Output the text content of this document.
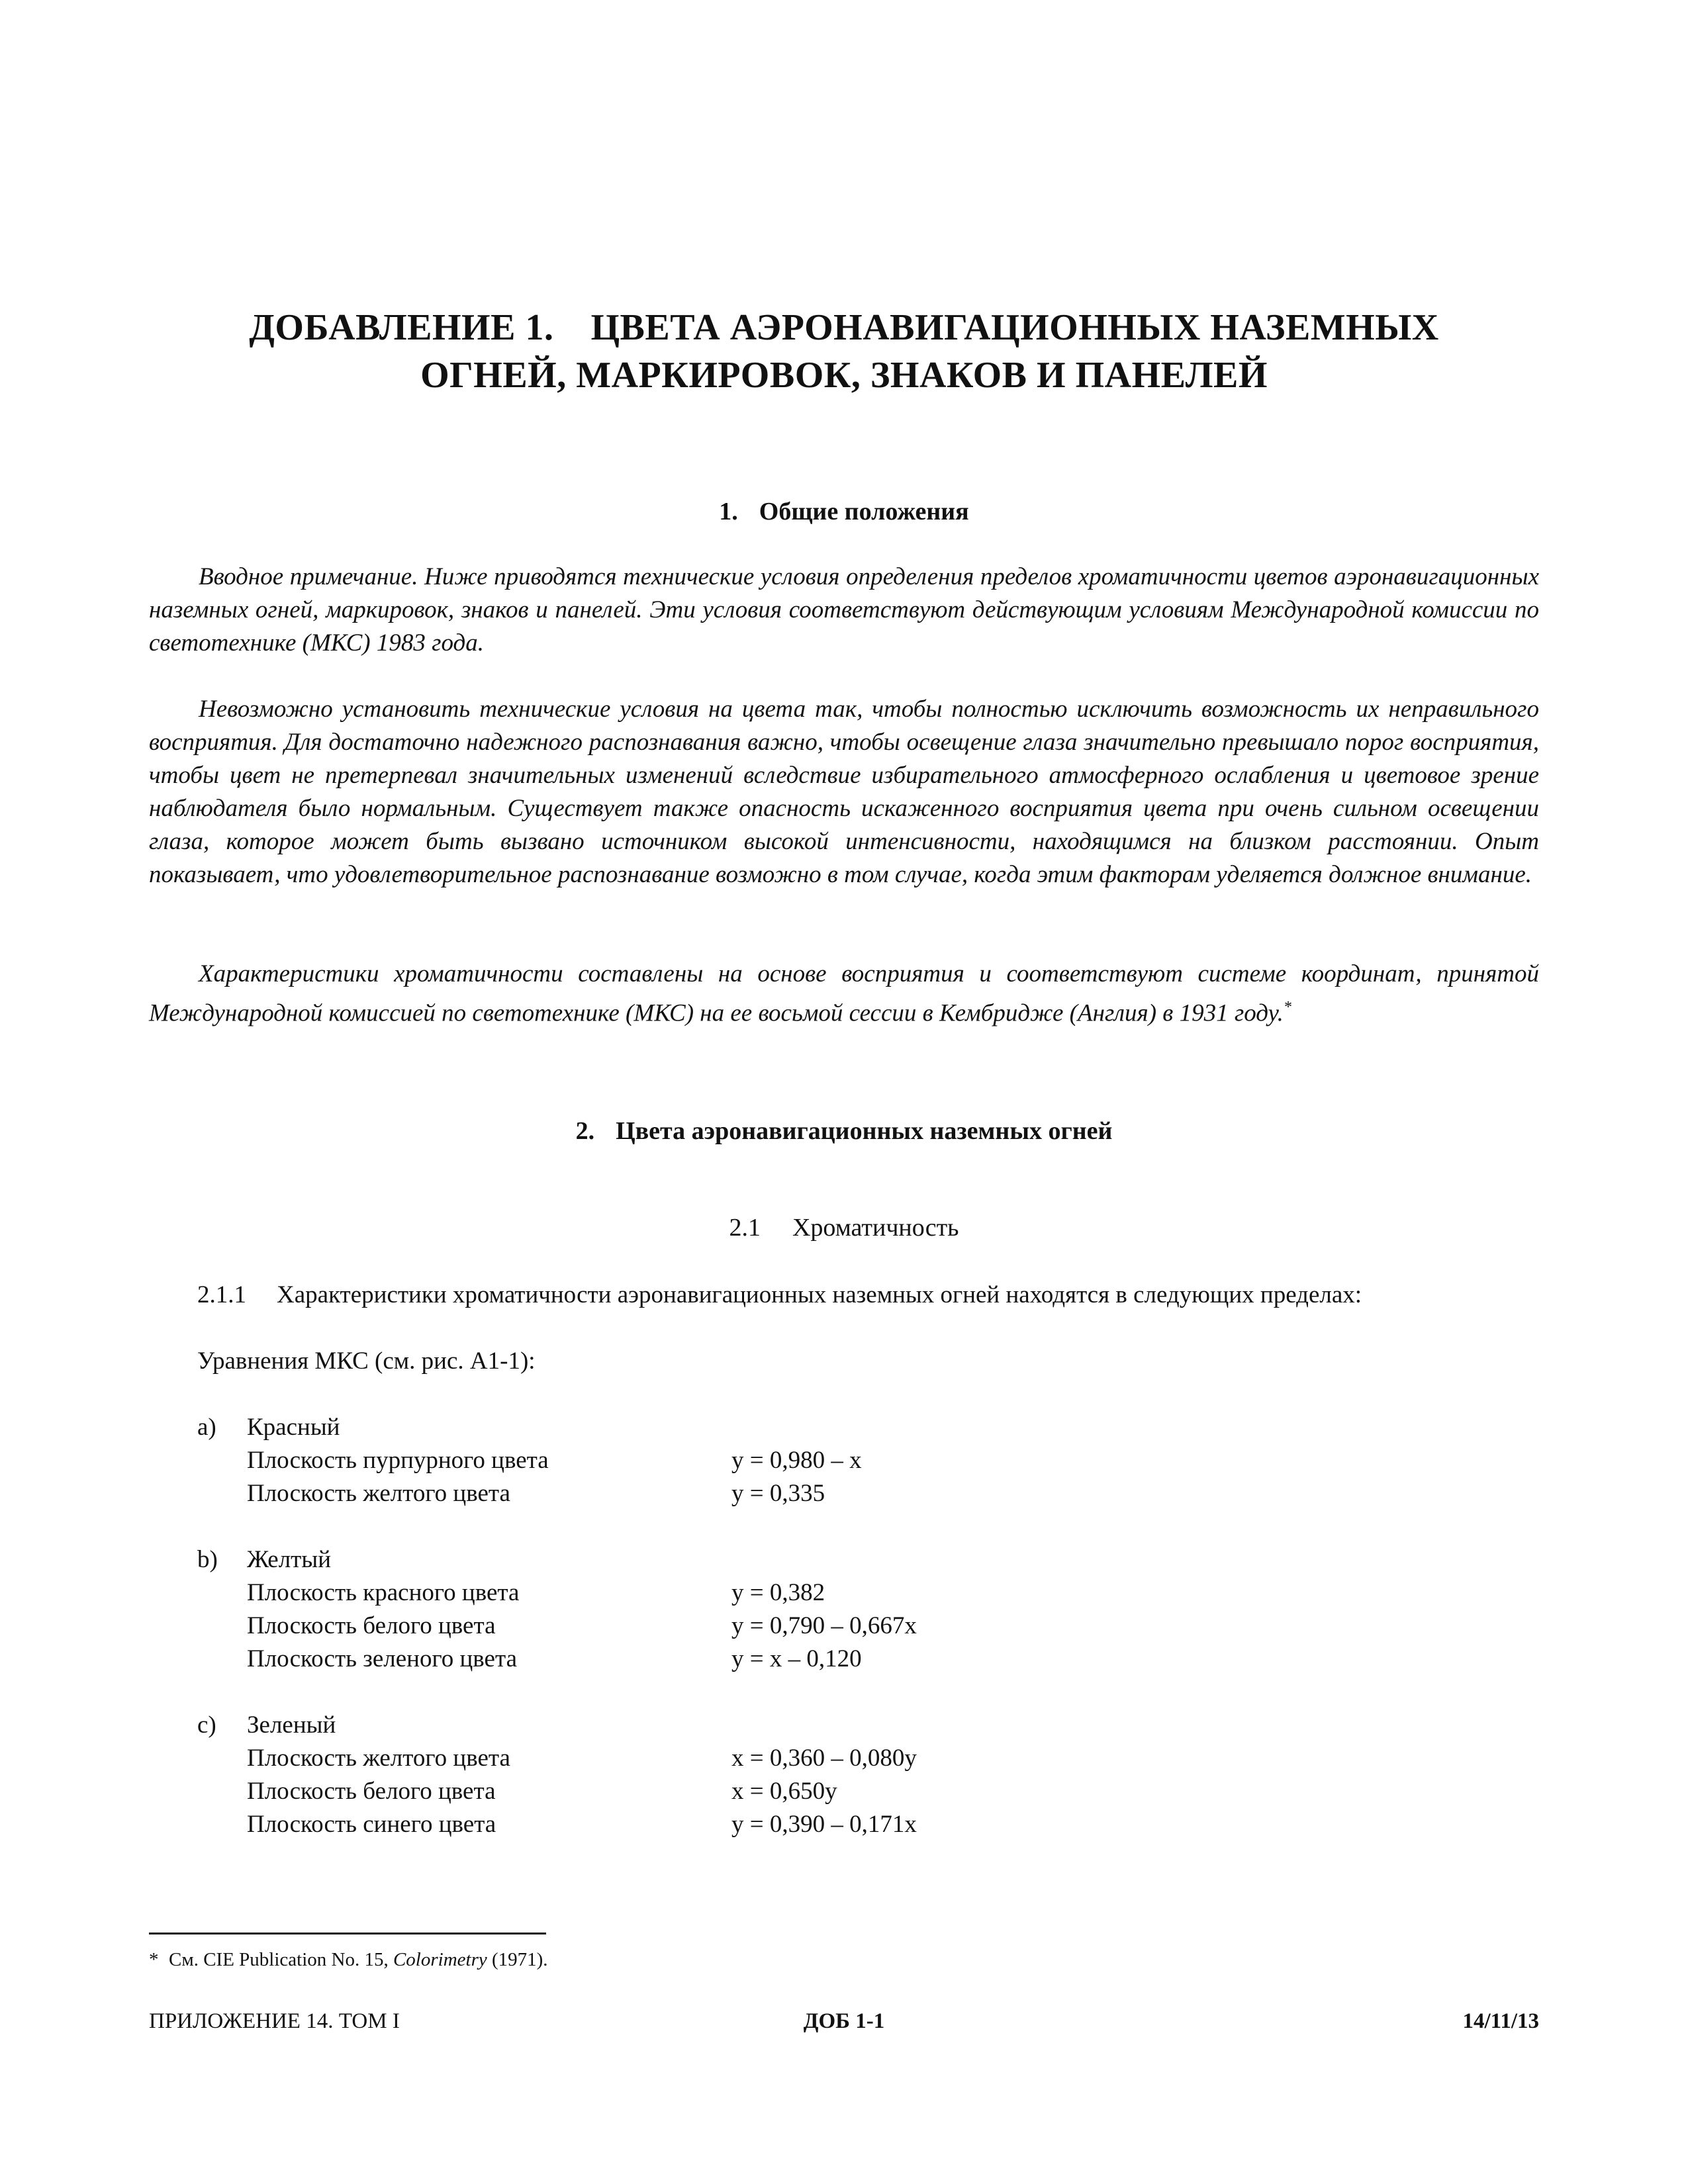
ДОБАВЛЕНИЕ 1. ЦВЕТА АЭРОНАВИГАЦИОННЫХ НАЗЕМНЫХ
ОГНЕЙ, МАРКИРОВОК, ЗНАКОВ И ПАНЕЛЕЙ
1. Общие положения
Вводное примечание. Ниже приводятся технические условия определения пределов хроматичности цветов аэронавигационных наземных огней, маркировок, знаков и панелей. Эти условия соответствуют действующим условиям Международной комиссии по светотехнике (МКС) 1983 года.
Невозможно установить технические условия на цвета так, чтобы полностью исключить возможность их неправильного восприятия. Для достаточно надежного распознавания важно, чтобы освещение глаза значительно превышало порог восприятия, чтобы цвет не претерпевал значительных изменений вследствие избирательного атмосферного ослабления и цветовое зрение наблюдателя было нормальным. Существует также опасность искаженного восприятия цвета при очень сильном освещении глаза, которое может быть вызвано источником высокой интенсивности, находящимся на близком расстоянии. Опыт показывает, что удовлетворительное распознавание возможно в том случае, когда этим факторам уделяется должное внимание.
Характеристики хроматичности составлены на основе восприятия и соответствуют системе координат, принятой Международной комиссией по светотехнике (МКС) на ее восьмой сессии в Кембридже (Англия) в 1931 году.*
2. Цвета аэронавигационных наземных огней
2.1 Хроматичность
2.1.1 Характеристики хроматичности аэронавигационных наземных огней находятся в следующих пределах:
Уравнения МКС (см. рис. А1-1):
a) Красный
Плоскость пурпурного цвета	y = 0,980 – x
Плоскость желтого цвета	y = 0,335
b) Желтый
Плоскость красного цвета	y = 0,382
Плоскость белого цвета	y = 0,790 – 0,667x
Плоскость зеленого цвета	y = x – 0,120
c) Зеленый
Плоскость желтого цвета	x = 0,360 – 0,080y
Плоскость белого цвета	x = 0,650y
Плоскость синего цвета	y = 0,390 – 0,171x
* См. CIE Publication No. 15, Colorimetry (1971).
ПРИЛОЖЕНИЕ 14. ТОМ I	ДОБ 1-1	14/11/13
